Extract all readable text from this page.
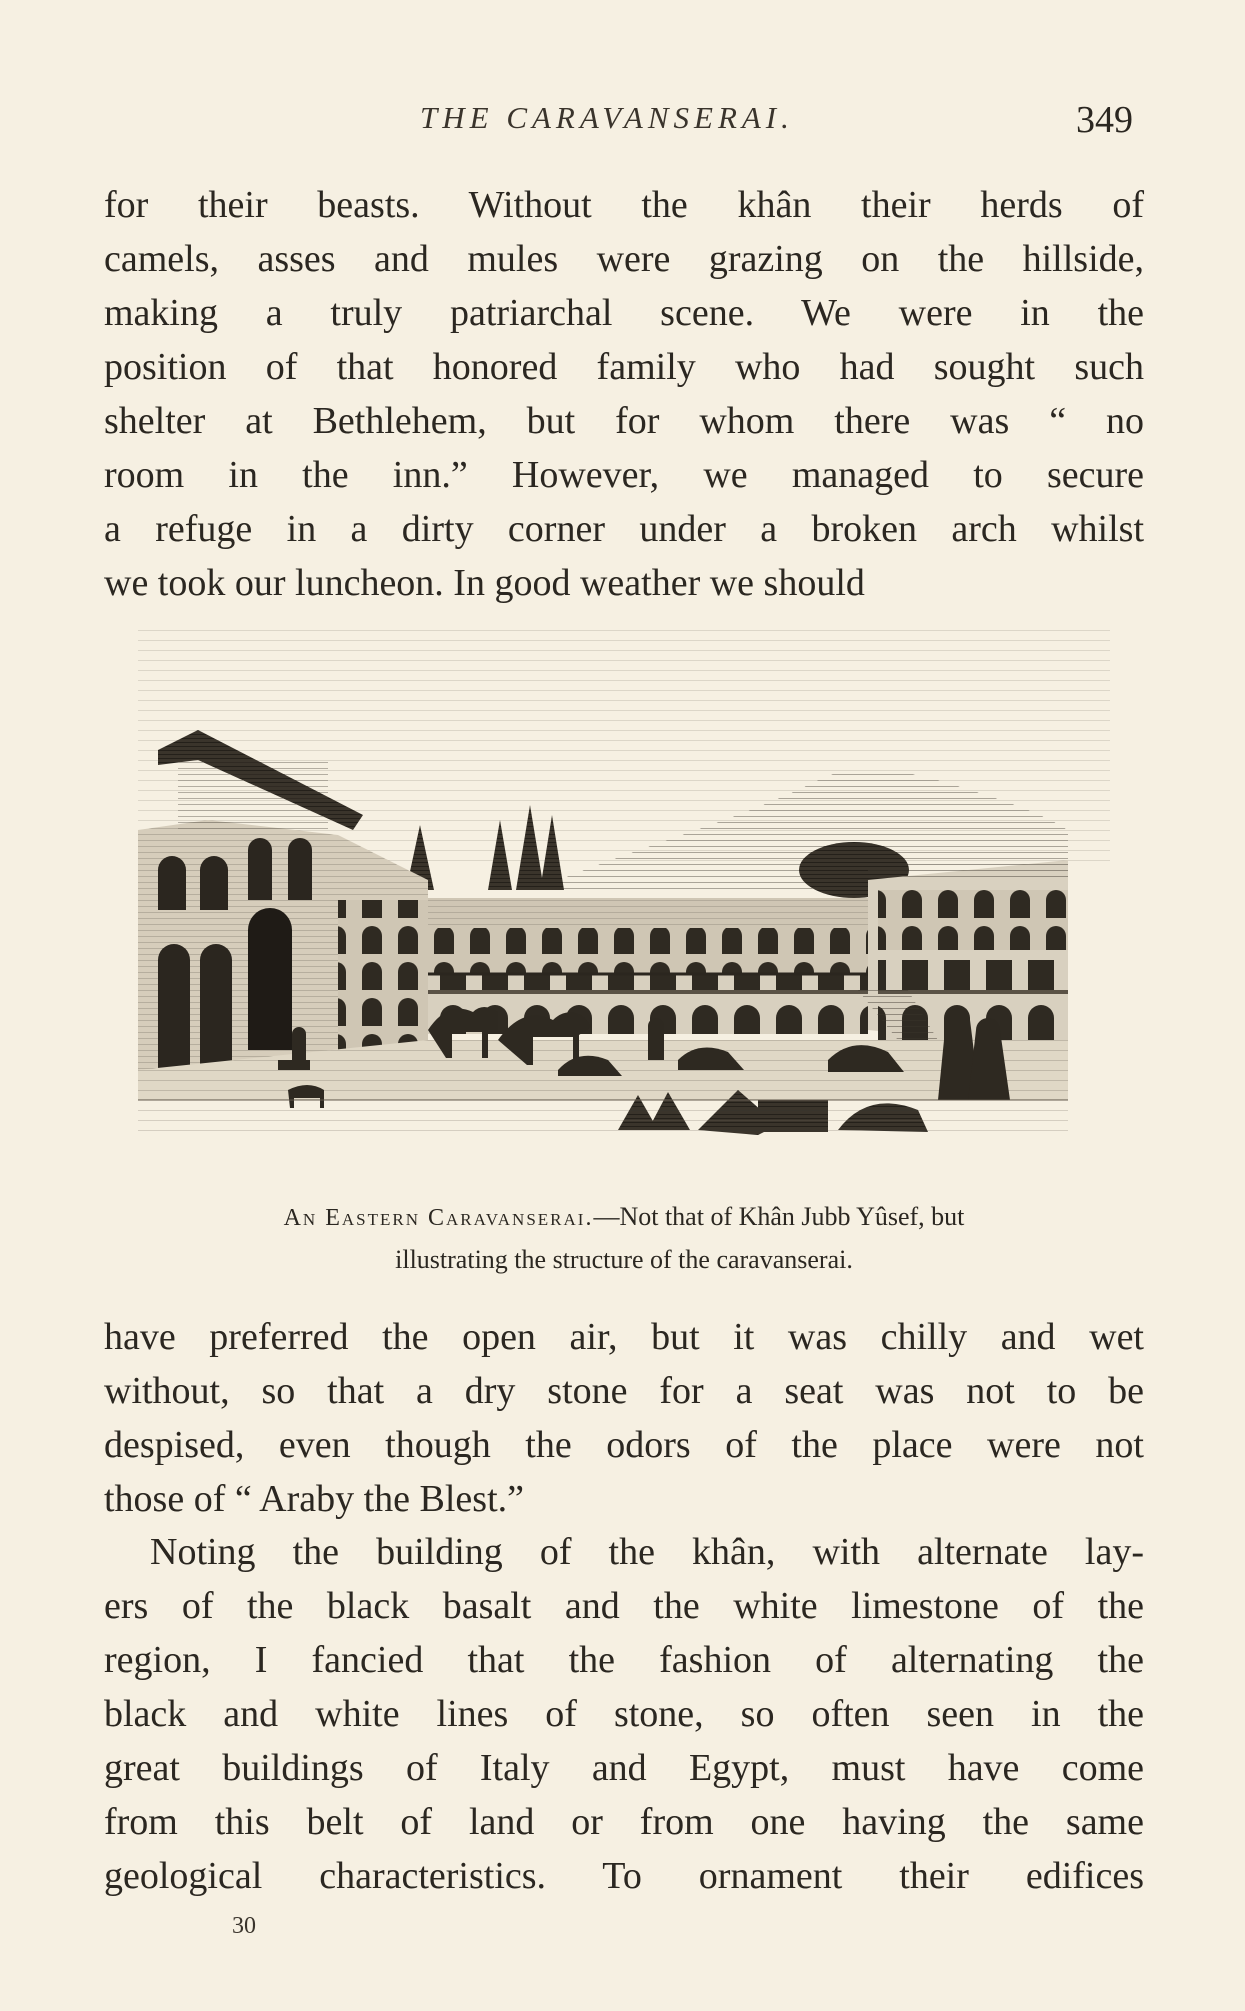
THE CARAVANSERAI.	349

for their beasts. Without the khân their herds of
camels, asses and mules were grazing on the hillside,
making a truly patriarchal scene. We were in the
position of that honored family who had sought such
shelter at Bethlehem, but for whom there was “ no
room in the inn.” However, we managed to secure
a refuge in a dirty corner under a broken arch whilst
we took our luncheon. In good weather we should

An Eastern Caravanserai.—Not that of Khân Jubb Yûsef, but
illustrating the structure of the caravanserai.

have preferred the open air, but it was chilly and wet
without, so that a dry stone for a seat was not to be
despised, even though the odors of the place were not
those of “ Araby the Blest.”

Noting the building of the khân, with alternate lay-
ers of the black basalt and the white limestone of the
region, I fancied that the fashion of alternating the
black and white lines of stone, so often seen in the
great buildings of Italy and Egypt, must have come
from this belt of land or from one having the same
geological characteristics. To ornament their edifices

30
